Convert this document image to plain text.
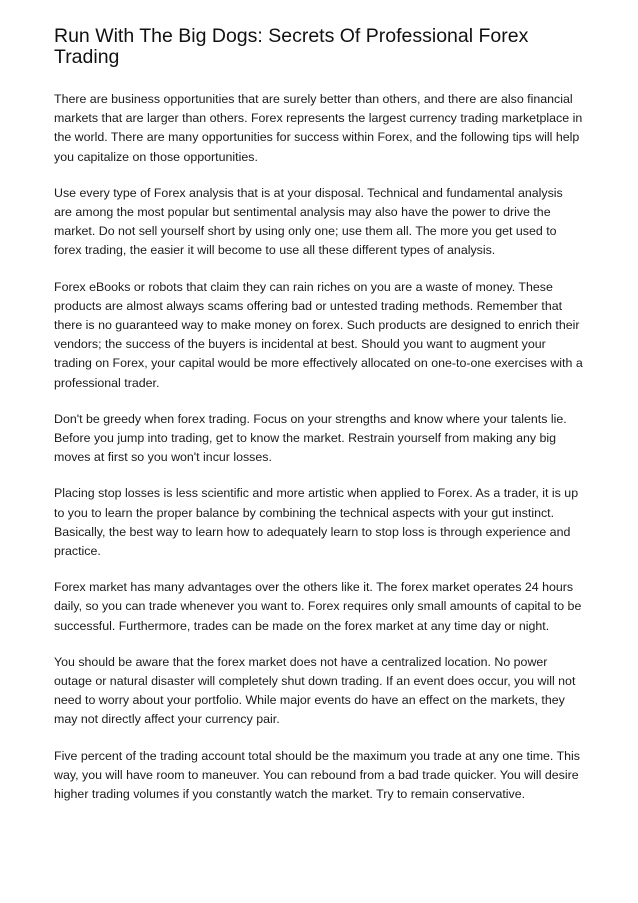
Run With The Big Dogs: Secrets Of Professional Forex Trading

There are business opportunities that are surely better than others, and there are also financial markets that are larger than others. Forex represents the largest currency trading marketplace in the world. There are many opportunities for success within Forex, and the following tips will help you capitalize on those opportunities.

Use every type of Forex analysis that is at your disposal. Technical and fundamental analysis are among the most popular but sentimental analysis may also have the power to drive the market. Do not sell yourself short by using only one; use them all. The more you get used to forex trading, the easier it will become to use all these different types of analysis.

Forex eBooks or robots that claim they can rain riches on you are a waste of money. These products are almost always scams offering bad or untested trading methods. Remember that there is no guaranteed way to make money on forex. Such products are designed to enrich their vendors; the success of the buyers is incidental at best. Should you want to augment your trading on Forex, your capital would be more effectively allocated on one-to-one exercises with a professional trader.

Don't be greedy when forex trading. Focus on your strengths and know where your talents lie. Before you jump into trading, get to know the market. Restrain yourself from making any big moves at first so you won't incur losses.

Placing stop losses is less scientific and more artistic when applied to Forex. As a trader, it is up to you to learn the proper balance by combining the technical aspects with your gut instinct. Basically, the best way to learn how to adequately learn to stop loss is through experience and practice.

Forex market has many advantages over the others like it. The forex market operates 24 hours daily, so you can trade whenever you want to. Forex requires only small amounts of capital to be successful. Furthermore, trades can be made on the forex market at any time day or night.

You should be aware that the forex market does not have a centralized location. No power outage or natural disaster will completely shut down trading. If an event does occur, you will not need to worry about your portfolio. While major events do have an effect on the markets, they may not directly affect your currency pair.

Five percent of the trading account total should be the maximum you trade at any one time. This way, you will have room to maneuver. You can rebound from a bad trade quicker. You will desire higher trading volumes if you constantly watch the market. Try to remain conservative.
